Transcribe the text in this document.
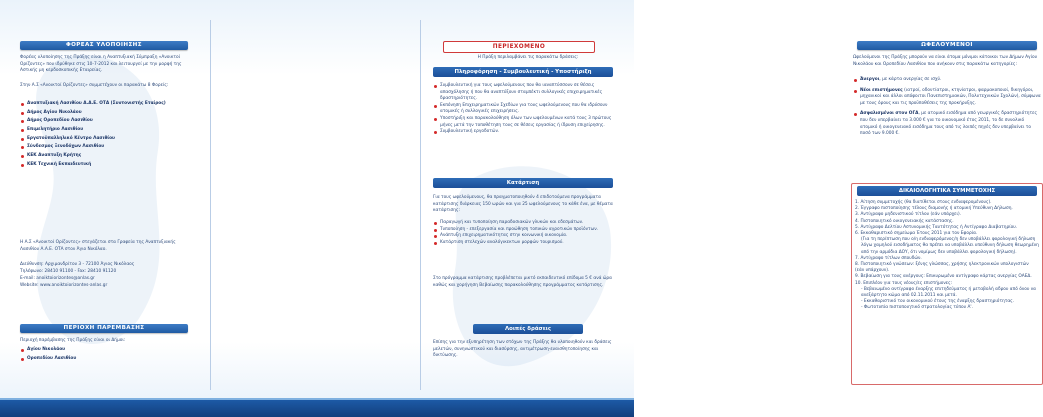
ΦΟΡΕΑΣ ΥΛΟΠΟΙΗΣΗΣ
Φορέας υλοποίησης της Πράξης είναι η Αναπτυξιακή Σύμπραξη «Ανοικτοί Ορίζοντες» που ιδρύθηκε στις 10-7-2012 και λειτουργεί με την μορφή της Αστικής μη κερδοσκοπικής Εταιρείας.
Στην Α.Σ «Ανοικτοί Ορίζοντες» συμμετέχουν οι παρακάτω 8 Φορείς:
Αναπτυξιακή Λασιθίου Α.Α.Ε. ΟΤΑ (Συντονιστής Εταίρος)
Δήμος Αγίου Νικολάου
Δήμος Οροπεδίου Λασιθίου
Επιμελητήριο Λασιθίου
Εργατοϋπαλληλικό Κέντρο Λασιθίου
Σύνδεσμος Ξενοδόχων Λασιθίου
ΚΕΚ Αναπτυξη Κρήτης
ΚΕΚ Τεχνική Εκπαιδευτική
Η Α.Σ «Ανοικτοί Ορίζοντες» στεγάζεται στα Γραφεία της Αναπτυξιακής Λασιθίου Α.Α.Ε. ΟΤΑ στον Άγιο Νικόλαο.
Διεύθυνση: Αρχιμανδρίτου 3 - 72100 Άγιος Νικόλαος
Τηλέφωνο: 28410 91100 - Fax: 28410 91120
E-mail: anoiktoiorizontes@anlas.gr
Website: www.anoiktoiorizontes-anlas.gr
ΠΕΡΙΟΧΗ ΠΑΡΕΜΒΑΣΗΣ
Περιοχή παρέμβασης της Πράξης είναι οι Δήμοι:
Αγίου Νικολάου
Οροπεδίου Λασιθίου
ΠΕΡΙΕΧΟΜΕΝΟ
Η Πράξη περιλαμβάνει τις παρακάτω δράσεις:
Πληροφόρηση - Συμβουλευτική - Υποστήριξη
Συμβουλευτική για τους ωφελούμενους που θα ιαναπτύσσουν σε θέσεις απασχόλησης ή που θα αναπτύξουν σταμπέκτι συλλογικές επιχειρηματικές δραστηριότητες.
Εκπόνηση Επιχειρηματικών Σχεδίων για τους ωφελούμενους που θα ιδρύσουν ατομικές ή συλλογικές επιχειρήσεις.
Υποστήριξη και παρακολούθηση όλων των ωφελουμένων κατά τους 3 πρώτους μήνες μετά την τοποθέτηση τους σε θέσεις εργασίας ή ίδρυση επιχείρησης.
Συμβουλευτική εργοδοτών.
Κατάρτιση
Για τους ωφελούμενους, θα πραγματοποιηθούν 4 επιδοτούμενα προγράμματα κατάρτισης διάρκειας 150 ωρών και για 25 ωφελούμενους το κάθε ένα, με θέματα κατάρτισης:
Παραγωγή και τυποποίηση παραδοσιακών γλυκών και εδεσμάτων.
Τυποποίηση - επεξεργασία και προώθηση τοπικών αγροτικών προϊόντων.
Ανάπτυξη επιχειρηματικότητας στην κοινωνική οικονομία.
Κατάρτιση στελεχών αναλόγικεκτων μορφών τουρισμού.
Στο πρόγραμμα κατάρτισης προβλέπεται μικτό εκπαιδευτικό επίδομα 5 € ανά ώρα καθώς και χορήγηση Βεβαίωσης παρακολούθησης προγράμματος κατάρτισης.
Λοιπές δράσεις
Επίσης για την εξυπηρέτηση των στόχων της Πράξης θα υλοποιηθούν και δράσεις μελετών, συνηνωστικού και διασύρσης, αντιμέτρωση-ευαισθητοποίησης και δικτύωσης.
ΩΦΕΛΟΥΜΕΝΟΙ
Ωφελούμενοι της Πράξης μπορούν να είναι άτομα μόνιμοι κάτοικοι των Δήμων Αγίου Νικολάου και Οροπεδίου Λασιθίου που ανήκουν στις παρακάτω κατηγορίες:
Άνεργοι, με κάρτα ανεργίας σε ισχύ.
Νέοι επιστήμονες (ιατροί, οδοντίατροι, κτηνίατροι, φαρμακοποιοί, δικηγόροι, μηχανικοί και άλλοι απόφοιτοι Πανεπιστημιακών, Πολυτεχνικών Σχολών), σύμφωνα με τους όρους και τις προϋποθέσεις της προκήρυξης.
Ασφαλισμένοι στον ΟΓΑ, με ατομικό εισόδημα από γεωργικές δραστηριότητες που δεν υπερβαίνει τα 3.000 € για το οικονομικό έτος 2011, το δε συνολικό ατομικό ή οικογενειακό εισόδημα τους από τις λοιπές πηγές δεν υπερβαίνει το ποσό των 9.000 €.
ΔΙΚΑΙΟΛΟΓΗΤΙΚΑ ΣΥΜΜΕΤΟΧΗΣ
1. Αίτηση συμμετοχής (θα διατίθεται στους ενδιαφερομένους).
2. Έγγραφο πιστοποίησης τέλους διαμονής ή ατομική Υπεύθυνη Δήλωση.
3. Αντίγραφο μηδενιστικού τίτλου (εάν υπάρχει).
4. Πιστοποιητικό οικογενειακής κατάστασης.
5. Αντίγραφο Δελτίου Αστυνομικής Ταυτότητας ή Αντίγραφο Διαβατηρίου.
6. Εκκαθαριστικό σημείωμα Έτους 2011 για τον Εφορία.
(Για τη περίπτωση που ο/η ενδιαφερόμενος/η δεν υποβάλλει φορολογική δήλωση λόγω χαμηλού εισοδήματος θα πρέπει να υποβάλλει υπεύθυνη δήλωση θεωρημένη από την αρμόδια ΔΟΥ, ότι νομίμως δεν υποβάλλει φορολογική δήλωση).
7. Αντίγραφο τίτλων σπουδών.
8. Πιστοποιητικό γνώσεων: ξένης γλώσσας, χρήσης ηλεκτρονικών υπολογιστών (εάν υπάρχουν).
9. Βεβαίωση για τους ανέργους: Επικυρωμένο αντίγραφο κάρτας ανεργίας ΟΑΕΔ.
10. Επιπλέον για τους νέους/ες επιστήμονες:
- Βεβαιωμένο αντίγραφο έναρξης επιτηδεύματος ή μεταβολή αδρου από όνου να ανεξάρτητο κώμα από 02.11.2011 και μετά.
- Εκκαθαριστικό του οικονομικού έτους της έναρξης δραστηριότητας.
- Φωτοτυπία πιστοποιητικό στρατολογίας τύπου Α'.
